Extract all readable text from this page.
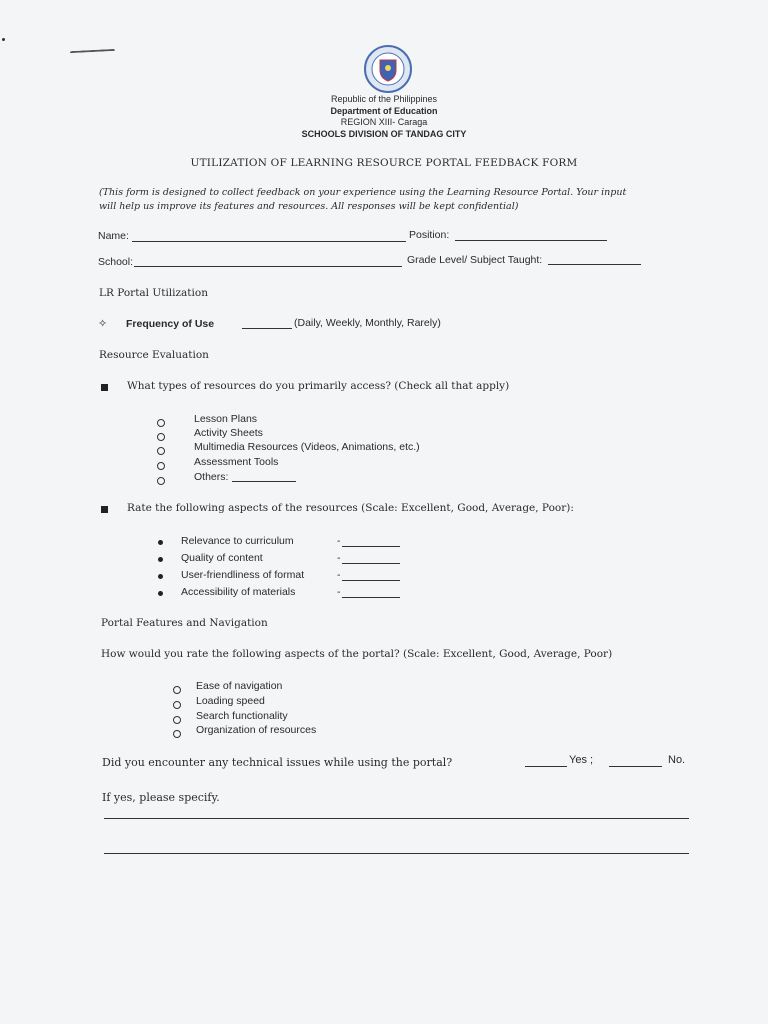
Republic of the Philippines
Department of Education
REGION XIII- Caraga
SCHOOLS DIVISION OF TANDAG CITY
UTILIZATION OF LEARNING RESOURCE PORTAL FEEDBACK FORM
(This form is designed to collect feedback on your experience using the Learning Resource Portal. Your input
will help us improve its features and resources. All responses will be kept confidential)
Name:	Position:
School:	Grade Level/ Subject Taught:
LR Portal Utilization
✧ Frequency of Use	(Daily, Weekly, Monthly, Rarely)
Resource Evaluation
What types of resources do you primarily access? (Check all that apply)
Lesson Plans
Activity Sheets
Multimedia Resources (Videos, Animations, etc.)
Assessment Tools
Others:
Rate the following aspects of the resources (Scale: Excellent, Good, Average, Poor):
Relevance to curriculum	-
Quality of content	-
User-friendliness of format	-
Accessibility of materials	-
Portal Features and Navigation
How would you rate the following aspects of the portal? (Scale: Excellent, Good, Average, Poor)
Ease of navigation
Loading speed
Search functionality
Organization of resources
Did you encounter any technical issues while using the portal?	Yes ;	No.
If yes, please specify.
